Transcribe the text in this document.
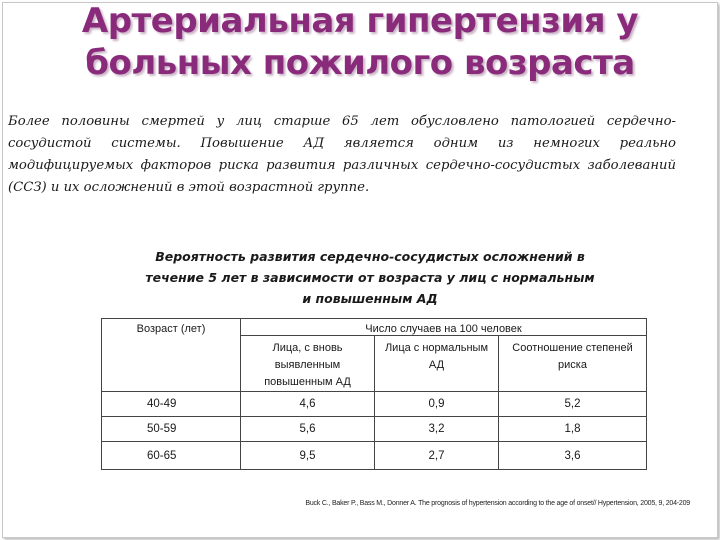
Артериальная гипертензия у
больных пожилого возраста
Более половины смертей у лиц старше 65 лет обусловлено патологией сердечно-сосудистой системы. Повышение АД является одним из немногих реально модифицируемых факторов риска развития различных сердечно-сосудистых заболеваний (ССЗ) и их осложнений в этой возрастной группе.
Вероятность развития сердечно-сосудистых осложнений в
течение 5 лет в зависимости от возраста у лиц с нормальным
и повышенным АД
Возраст (лет)	Число случаев на 100 человек		
	Лица, с вновь выявленным повышенным АД	Лица с нормальным АД	Соотношение степеней риска
40-49	4,6	0,9	5,2
50-59	5,6	3,2	1,8
60-65	9,5	2,7	3,6
Buck C., Baker P., Bass M., Donner A. The prognosis of hypertension according to the age of onset// Hypertension, 2005, 9, 204-209
